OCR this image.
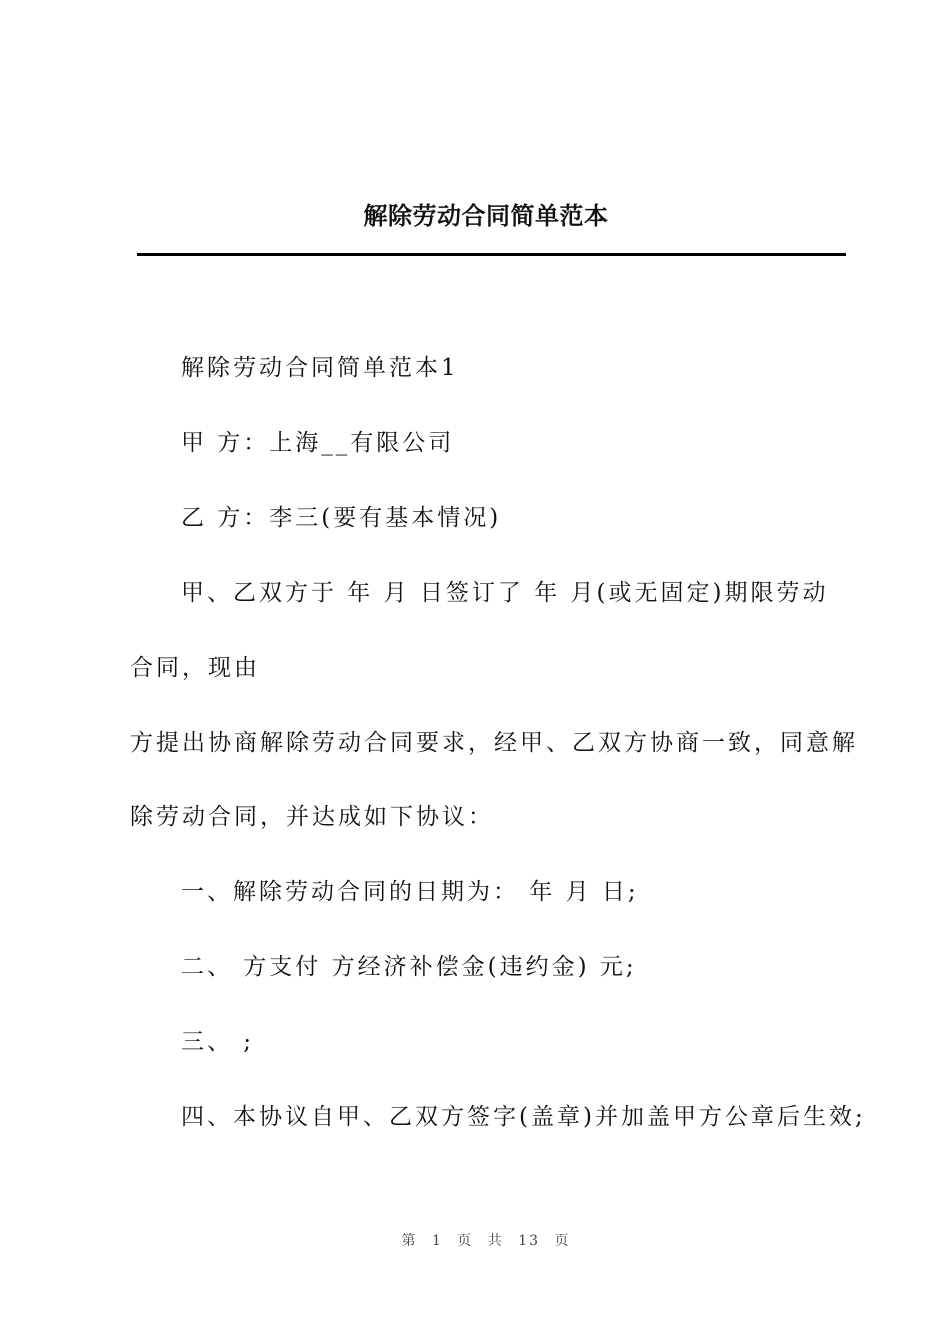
解除劳动合同简单范本
解除劳动合同简单范本1
甲 方：上海__有限公司
乙 方：李三(要有基本情况)
甲、乙双方于 年 月 日签订了 年 月(或无固定)期限劳动
合同，现由
方提出协商解除劳动合同要求，经甲、乙双方协商一致，同意解
除劳动合同，并达成如下协议：
一、解除劳动合同的日期为： 年 月 日;
二、 方支付 方经济补偿金(违约金) 元;
三、 ;
四、本协议自甲、乙双方签字(盖章)并加盖甲方公章后生效;
第 1 页 共 13 页
